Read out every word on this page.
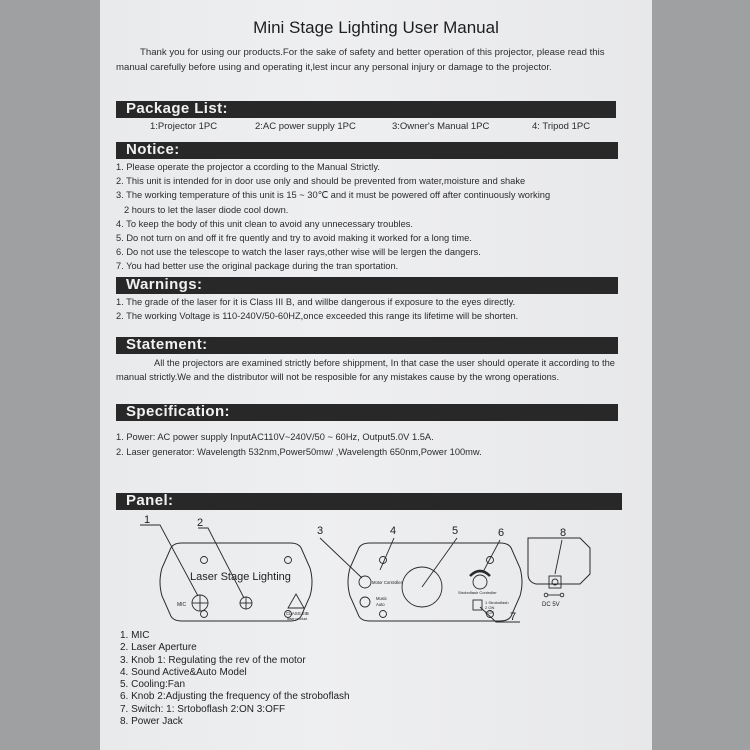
Mini Stage Lighting User Manual

Thank you for using our products.For the sake of safety and better operation of this projector, please read this manual carefully before using and operating it,lest incur any personal injury or damage to the projector.

Package List:
1:Projector 1PC	2:AC power supply 1PC	3:Owner's Manual 1PC	4: Tripod 1PC
Notice:
1. Please operate the projector a ccording to the Manual Strictly.
2. This unit is intended for in door use only and should be prevented from water,moisture and shake
3. The working temperature of this unit is 15 ~ 30℃ and it must be powered off after continuously working
2 hours to let the laser diode cool down.
4. To keep the body of this unit clean to avoid any unnecessary troubles.
5. Do not turn on and off it fre quently and try to avoid making it worked for a long time.
6. Do not use the telescope to watch the laser rays,other wise will be lergen the dangers.
7. You had better use the original package during the tran sportation.
Warnings:
1. The grade of the laser for it is Class III B, and willbe dangerous if exposure to the eyes directly.
2. The working Voltage is 110-240V/50-60HZ,once exceeded this range its lifetime will be shorten.
Statement:

All the projectors are examined strictly before shippment, In that case the user should operate it according to the manual strictly.We and the distributor will not be resposible for any mistakes cause by the wrong operations.

Specification:
1. Power: AC power supply InputAC110V~240V/50 ~ 60Hz, Output5.0V 1.5A.
2. Laser generator: Wavelength 532nm,Power50mw/ ,Wavelength 650nm,Power 100mw.
Panel:
Laser Stage Lighting
MIC
CLASS IIIB
laser product
Motor Controller
Music
Auto
Stroboflash Controller
1 Stroboflash
2 ON
3 OF
DC 5V
1	2
3	4	5	6
7
8
1. MIC
2. Laser Aperture
3. Knob 1: Regulating the rev of the motor
4. Sound Active&Auto Model
5. Cooling:Fan
6. Knob 2:Adjusting the frequency of the stroboflash
7. Switch: 1: Srtoboflash 2:ON 3:OFF
8. Power Jack
